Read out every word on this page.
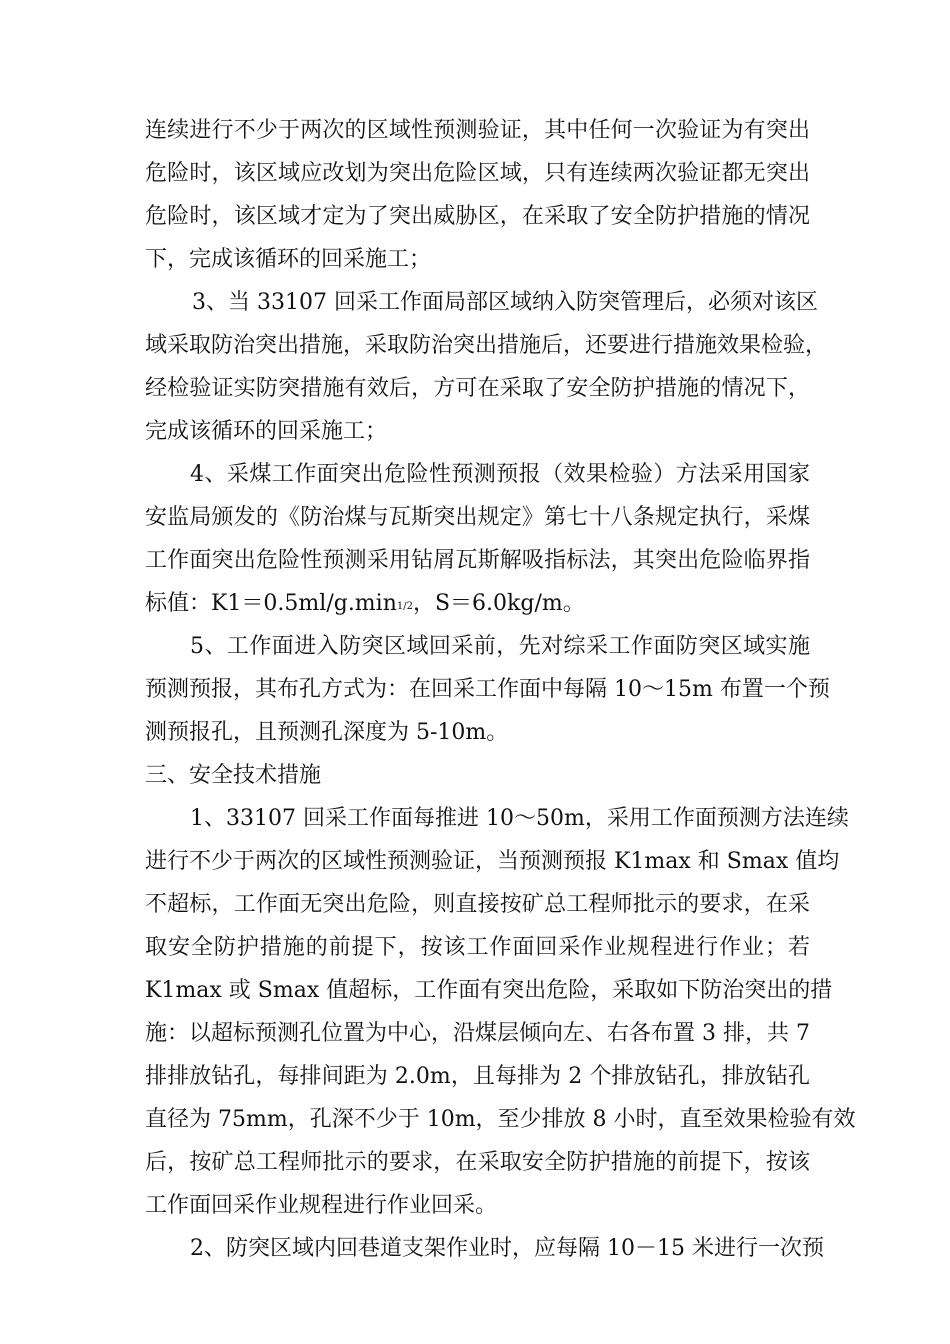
连续进行不少于两次的区域性预测验证，其中任何一次验证为有突出
危险时，该区域应改划为突出危险区域，只有连续两次验证都无突出
危险时，该区域才定为了突出威胁区，在采取了安全防护措施的情况
下，完成该循环的回采施工；
3、当 33107 回采工作面局部区域纳入防突管理后，必须对该区
域采取防治突出措施，采取防治突出措施后，还要进行措施效果检验，
经检验证实防突措施有效后，方可在采取了安全防护措施的情况下，
完成该循环的回采施工；
4、采煤工作面突出危险性预测预报（效果检验）方法采用国家
安监局颁发的《防治煤与瓦斯突出规定》第七十八条规定执行，采煤
工作面突出危险性预测采用钻屑瓦斯解吸指标法，其突出危险临界指
标值：K1＝0.5ml/g.min1/2，S＝6.0kg/m。
5、工作面进入防突区域回采前，先对综采工作面防突区域实施
预测预报，其布孔方式为：在回采工作面中每隔 10～15m 布置一个预
测预报孔，且预测孔深度为 5-10m。
三、安全技术措施
1、33107 回采工作面每推进 10～50m，采用工作面预测方法连续
进行不少于两次的区域性预测验证，当预测预报 K1max 和 Smax 值均
不超标，工作面无突出危险，则直接按矿总工程师批示的要求，在采
取安全防护措施的前提下，按该工作面回采作业规程进行作业；若
K1max 或 Smax 值超标，工作面有突出危险，采取如下防治突出的措
施：以超标预测孔位置为中心，沿煤层倾向左、右各布置 3 排，共 7
排排放钻孔，每排间距为 2.0m，且每排为 2 个排放钻孔，排放钻孔
直径为 75mm，孔深不少于 10m，至少排放 8 小时，直至效果检验有效
后，按矿总工程师批示的要求，在采取安全防护措施的前提下，按该
工作面回采作业规程进行作业回采。
2、防突区域内回巷道支架作业时，应每隔 10－15 米进行一次预
